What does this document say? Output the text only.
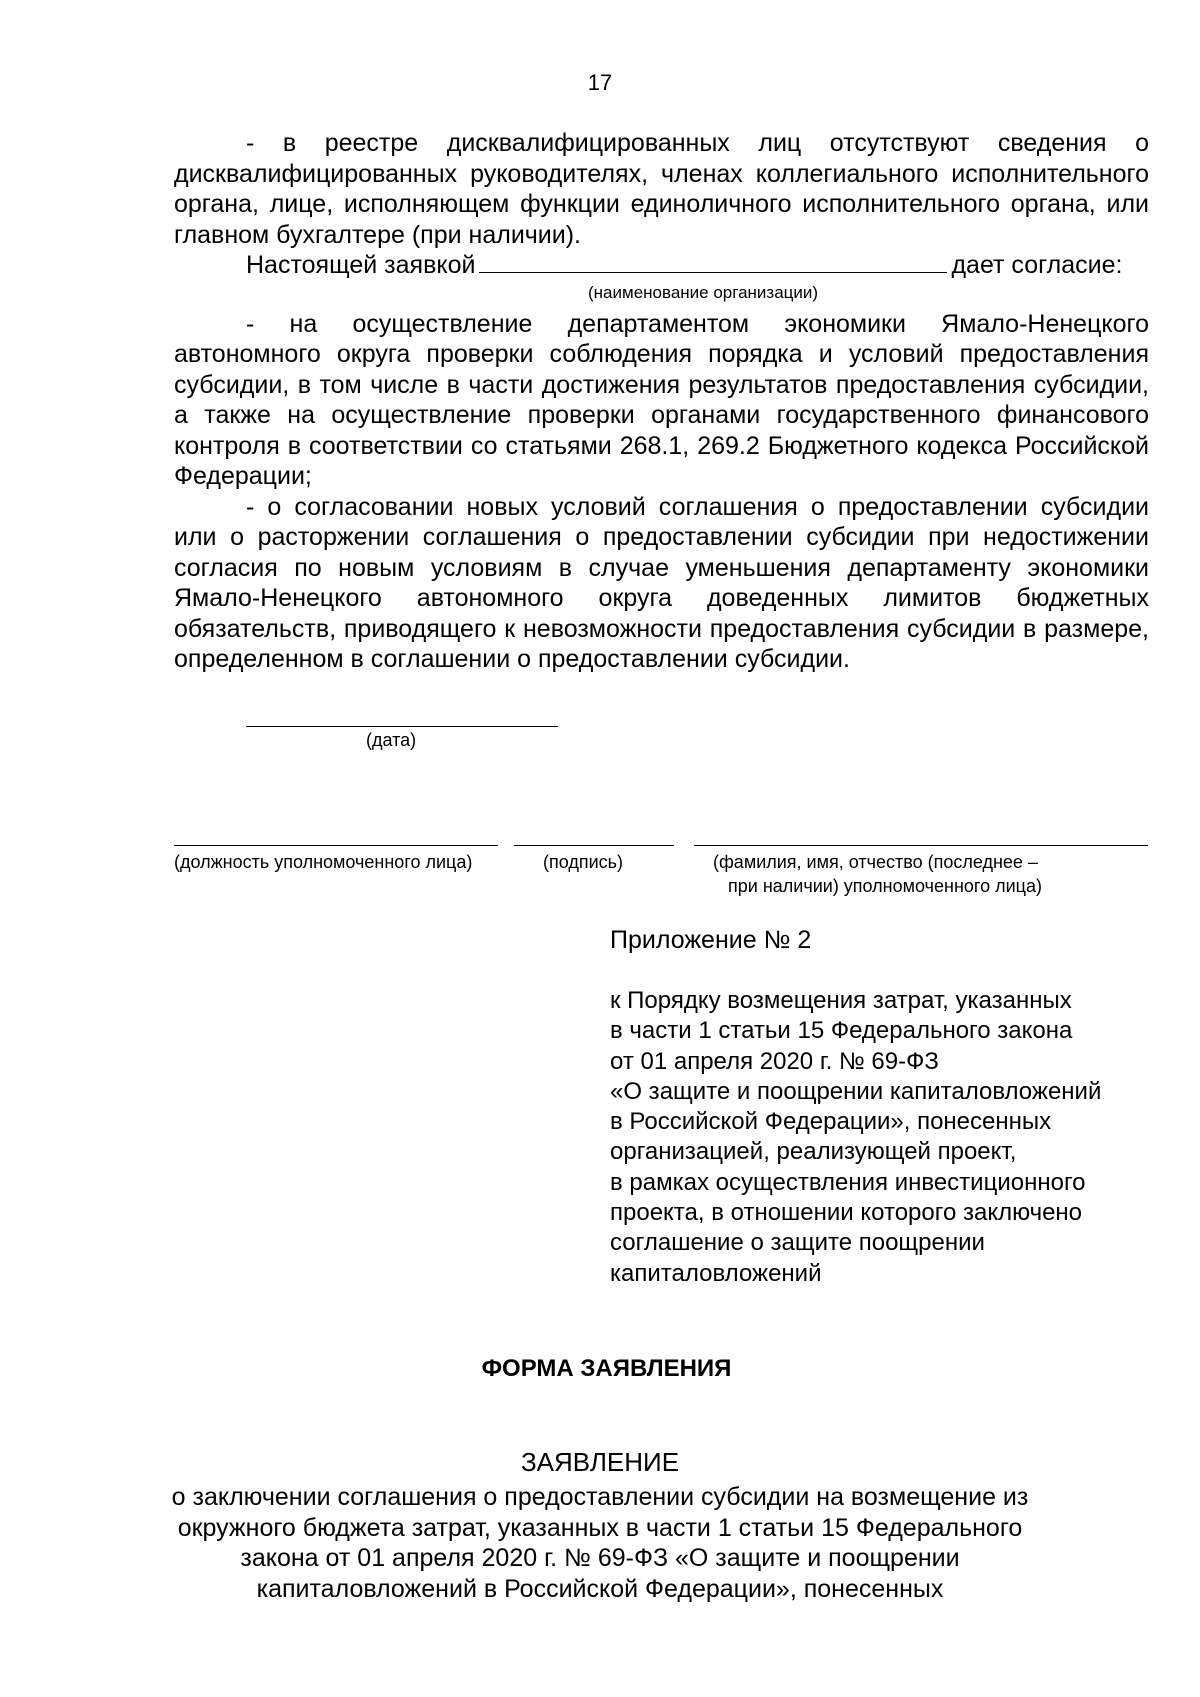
17

- в реестре дисквалифицированных лиц отсутствуют сведения о дисквалифицированных руководителях, членах коллегиального исполнительного органа, лице, исполняющем функции единоличного исполнительного органа, или главном бухгалтере (при наличии).

Настоящей заявкой	дает согласие:

- на осуществление департаментом экономики Ямало-Ненецкого автономного округа проверки соблюдения порядка и условий предоставления субсидии, в том числе в части достижения результатов предоставления субсидии, а также на осуществление проверки органами государственного финансового контроля в соответствии со статьями 268.1, 269.2 Бюджетного кодекса Российской Федерации;

- о согласовании новых условий соглашения о предоставлении субсидии или о расторжении соглашения о предоставлении субсидии при недостижении согласия по новым условиям в случае уменьшения департаменту экономики Ямало-Ненецкого автономного округа доведенных лимитов бюджетных обязательств, приводящего к невозможности предоставления субсидии в размере, определенном в соглашении о предоставлении субсидии.

(наименование организации)
(дата)
(должность уполномоченного лица)	(подпись)	(фамилия, имя, отчество (последнее –
при наличии) уполномоченного лица)
Приложение № 2
к Порядку возмещения затрат, указанных
в части 1 статьи 15 Федерального закона
от 01 апреля 2020 г. № 69-ФЗ
«О защите и поощрении капиталовложений
в Российской Федерации», понесенных
организацией, реализующей проект,
в рамках осуществления инвестиционного
проекта, в отношении которого заключено
соглашение о защите поощрении
капиталовложений
ФОРМА ЗАЯВЛЕНИЯ
ЗАЯВЛЕНИЕ
о заключении соглашения о предоставлении субсидии на возмещение из
окружного бюджета затрат, указанных в части 1 статьи 15 Федерального
закона от 01 апреля 2020 г. № 69-ФЗ «О защите и поощрении
капиталовложений в Российской Федерации», понесенных
